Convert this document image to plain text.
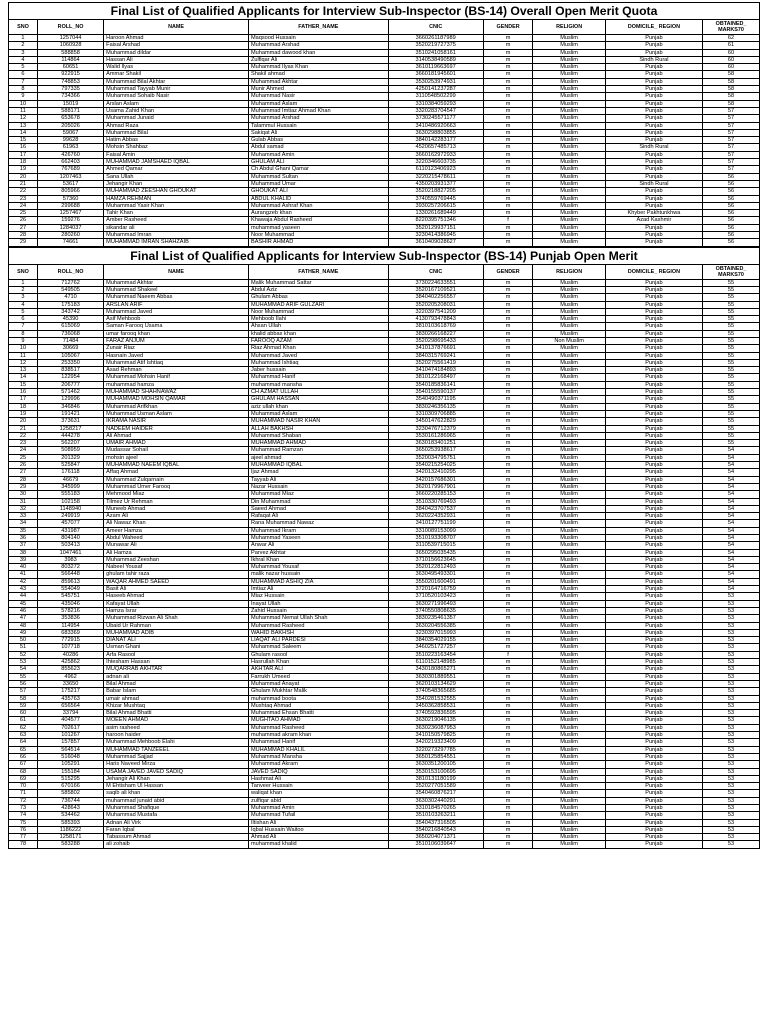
Final List of Qualified Applicants for Interview Sub-Inspector (BS-14) Overall Open Merit Quota
SNO	ROLL_NO	NAME	FATHER_NAME	CNIC	GENDER	RELIGION	DOMICILE_ REGION	OBTAINED_ MARKS70
1	1257044	Haroon Ahmad	Maqsood Hussain	3660261187989	m	Muslim	Punjab	62
2	1060928	Faisal Arshad	Muhammad Arshad	3520219727375	m	Muslim	Punjab	61
3	588858	Muhammad dildar	Muhammad dawood khan	3510241058161	m	Muslim	Punjab	60
4	114864	Hassan Ali	Zulfiqar Ali	3140538490589	m	Muslim	Sindh Rural	60
5	60651	Walid Ilyas	Muhammad Ilyas Khan	3610119663697	m	Muslim	Punjab	60
6	922915	Ammar Shakil	Shakil ahmad	3660181945601	m	Muslim	Punjab	58
7	748853	Muhammad Bilal Akhtar	Muhammad Akhtar	3530253974931	m	Muslim	Punjab	58
8	797335	Muhammad Tayyab Munir	Munir Ahmed	4250141237287	m	Muslim	Punjab	58
9	734366	Muhammad Sohaib Nasir	Muhammad Nasir	3110548502299	m	Muslim	Punjab	58
10	15019	Arslan Aslam	Muhammad Aslam	3310384059293	m	Muslim	Punjab	58
11	588171	Usama Zahid Khan	Muhammad Imtiaz Ahmad Khan	3320283704547	m	Muslim	Punjab	57
12	653678	Muhammad Junaid	Muhammad Arshad	3730245571177	m	Muslim	Punjab	57
13	205026	Ahmad Raza	Talammul Hussain	3410486920663	m	Muslim	Punjab	57
14	59067	Muhammad Bilal	Sakiqat Ali	3630298803855	m	Muslim	Punjab	57
15	99628	Hatim Abbas	Gulab Abbas	3840142283177	m	Muslim	Punjab	57
16	61963	Mohsin Shahbaz	Abdul samad	4520657485713	m	Muslim	Sindh Rural	57
17	426760	Faisal Amin	Muhammad Amin	3660162972933	m	Muslim	Punjab	57
18	662403	MUHAMMAD JAMSHAED IQBAL	GHULAM ALI	3220346603735	m	Muslim	Punjab	57
19	767689	Ahmed Qamar	Ch Abdul Ghani Qamar	6110123406923	m	Muslim	Punjab	57
20	1207463	Sana Ullah	Muhammad Sultan	3220215478611	m	Muslim	Punjab	56
21	53617	Jehangir Khan	Muhammad Umar	4350203931377	m	Muslim	Sindh Rural	56
22	805966	MUHAMMAD ZEESHAN GHOUKAT	GHOUKAT ALI	3520218827205	m	Muslim	Punjab	56
23	57360	HAMZA REHMAN	ABDUL KHALID	3740559769445	m	Muslim	Punjab	56
24	299688	Muhammad Yasir Khan	Muhammad Ashraf Khan	3930257206615	m	Muslim	Punjab	56
25	1257467	Tahir Khan	Aurangzeb khan	1330261689449	m	Muslim	Khyber Pakhtunkhwa	56
26	159276	Amber Rasheed	Khawaja Abdul Rasheed	8220395751346	f	Muslim	Azad Kashmir	56
27	1284037	sikandar ali	muhammad yaseen	3520129937151	m	Muslim	Punjab	56
28	280260	Muhammad Imran	Noor Muhammad	3230414386945	m	Muslim	Punjab	56
29	74661	MUHAMMAD IMRAN SHAHZAIB	BASHIR AHMAD	3610409028627	m	Muslim	Punjab	56
Final List of Qualified Applicants for Interview Sub-Inspector (BS-14) Punjab Open Merit
SNO	ROLL_NO	NAME	FATHER_NAME	CNIC	GENDER	RELIGION	DOMICILE_ REGION	OBTAINED_ MARKS70
1	712762	Muhammad Akhtar	Malik Muhammad Sattar	3730224633551	m	Muslim	Punjab	55
2	549505	Muhammad Shakeel	Abdul Aziz	3520167109521	m	Muslim	Punjab	55
3	4710	Muhammad Naeem Abbas	Ghulam Abbas	3840402256557	m	Muslim	Punjab	55
4	175183	ARSLAN ARIF	MUHAMMAD ARIF GULZARI	3520205208031	m	Muslim	Punjab	55
5	343742	Muhammad Javed	Noor Muhammad	3220397541209	m	Muslim	Punjab	55
6	45390	Asif Mehboob	Mehboob Ilahi	4130793478843	m	Muslim	Punjab	55
7	615069	Saman Farooq Usama	Ahsan Ullah	3810103618769	m	Muslim	Punjab	55
8	736068	umar farooq khan	khalid abbas khan	3830266168227	m	Muslim	Punjab	55
9	71484	FARAZ ANJUM	FAROOQ AZAM	3520298695433	m	Non Muslim	Punjab	55
10	30669	Zunair Riaz	Riaz Ahmad Khan	3410137876691	m	Muslim	Punjab	55
11	105067	Hasnain Javed	Muhammad Javed	3840315769241	m	Muslim	Punjab	55
12	253350	Muhammad Atif Ishtiaq	Muhammad Ishtiaq	3520275561419	m	Muslim	Punjab	55
13	838517	Asad Rehman	Jaber hussain	3410474184893	m	Muslim	Punjab	55
14	122954	Muhammad Mohsin Hanif	Muhammad Hanif	3810122168497	m	Muslim	Punjab	55
15	206777	muhammad hamza	muhammad mansha	3540185836141	m	Muslim	Punjab	55
16	571462	MUHAMMAD SHAHNAWAZ	CH AZMAT ULLAH	3540155590137	m	Muslim	Punjab	55
17	129996	MUHAMMAD MOHSIN QAMAR	GHULAM HASSAN	3540490371195	m	Muslim	Punjab	55
18	346846	Muhammad Arifkhan	aziz ullah khan	3830246356135	m	Muslim	Punjab	55
19	191421	Muhammad Usman Aslam	Muhammad Aslam	3310309706885	m	Muslim	Punjab	55
20	373631	IKRAMA NASIR	MUHAMMAD NASIR KHAN	3450147622829	m	Muslim	Punjab	55
21	1258217	NADEEM HAIDER	ALLAH BAKHSH	3230476712379	m	Muslim	Punjab	55
22	444278	Ali Ahmad	Muhammad Shaban	3530161286965	m	Muslim	Punjab	55
23	562207	UMAIR AHMAD	MUHAMMAD AHMAD	3630183401251	m	Muslim	Punjab	55
24	508959	Mudassar Sohail	Muhammad Ramzan	3650253938617	m	Muslim	Punjab	54
25	201329	mohsin ajeel	ajeel ahmad	3520034795751	m	Muslim	Punjab	54
26	525847	MUHAMMAD NAEEM IQBAL	MUHAMMAD IQBAL	3540215254025	m	Muslim	Punjab	54
27	176118	Affaq Ahmad	Ijaz Ahmad	3420132410295	m	Muslim	Punjab	54
28	46679	Muhammad Zulqarnain	Tayyab Ali	3420157686301	m	Muslim	Punjab	54
29	345999	Muhammad Umer Farooq	Nazar Hussain	3620179967901	m	Muslim	Punjab	54
30	555183	Mehmood Miaz	Muhammad Miaz	3660220285153	m	Muslim	Punjab	54
31	102158	Tilmez Ur Rehman	Din Muhammad	3510330769493	m	Muslim	Punjab	54
32	1148940	Muneeb Ahmad	Saeed Ahmad	3840423707537	m	Muslim	Punjab	54
33	249919	Azam Ali	Rafaqat Ali	3620224352931	m	Muslim	Punjab	54
34	457077	Ali Nawaz Khan	Rana Muhammad Nawaz	3410127751199	m	Muslim	Punjab	54
35	431987	Ameer Hamza	Muhammad Ikram	3310089153099	m	Muslim	Punjab	54
36	804140	Abdul Waheed	Muhammad Yaseen	3510193308707	m	Muslim	Punjab	54
37	503413	Munawar Ali	Anwar Ali	3110539715015	m	Muslim	Punjab	54
38	1047461	Ali Hamza	Parvez Akhtar	3650295035435	m	Muslim	Punjab	54
39	3983	Muhammad Zeeshan	Ikhral Khan	3710156623645	m	Muslim	Punjab	54
40	803272	Nabeel Yousaf	Muhammad Yousaf	3520122812493	m	Muslim	Punjab	54
41	566448	ghulam tahir raza	malik nazar hussain	3630495493301	m	Muslim	Punjab	54
42	859613	WAQAR AHMED SAEED	MUHAMMAD ASHIQ ZIA	3550201600491	m	Muslim	Punjab	54
43	554049	Basit Ali	Imtiaz Ali	3720164716759	m	Muslim	Punjab	54
44	545751	Haseeb Ahmad	Miaz Hussain	3710520103423	m	Muslim	Punjab	53
45	435046	Kafayat Ullah	Inayat Ullah	3630271996493	m	Muslim	Punjab	53
46	578216	Hamza Israr	Zahid Hussain	3740550808635	m	Muslim	Punjab	53
47	353836	Muhammad Rizwan Ali Shah	Muhammad Nemat Ullah Shah	3830235461357	m	Muslim	Punjab	53
48	114954	Ubaid Ur Rahman	Muhammad Rasheed	3630204556385	m	Muslim	Punjab	53
49	683369	MUHAMMAD ADIB	WAHID BAKHSH	3230397015993	m	Muslim	Punjab	53
50	772915	DIANAT ALI	LIAQAT ALI PARDESI	3840354029155	m	Muslim	Punjab	53
51	107718	Usman Ghani	Muhammad Saleem	3460251727257	m	Muslim	Punjab	53
52	40286	Arfa Rasool	Ghulam rasool	3510223163454	f	Muslim	Punjab	53
53	425862	Ihtesham Hassan	Hasrullah Khan	6110152148985	m	Muslim	Punjab	53
54	855623	MUQARRAB AKHTAR	AKHTAR ALI	3430180865271	m	Muslim	Punjab	53
55	4962	adnan ali	Farrukh Umeed	3630301889551	m	Muslim	Punjab	53
56	33650	Bilal Ahmad	Muhammad Anayat	3620103134629	m	Muslim	Punjab	53
57	175217	Babar Islam	Ghulam Mukhtar Malik	3740548365685	m	Muslim	Punjab	53
58	435763	umair ahmad	muhammad boota	3540281532555	m	Muslim	Punjab	53
59	656564	Khizar Mushtaq	Mushtaq Ahmad	3450362858531	m	Muslim	Punjab	53
60	33794	Bilal Ahmad Bhatti	Muhammad Ehsan Bhatti	3740592836595	m	Muslim	Punjab	53
61	404577	MOEEN AHMAD	MUGHTAO AHMAD	3630219046135	m	Muslim	Punjab	53
62	702617	asim rasheed	Muhammad Rasheed	3630236087953	m	Muslim	Punjab	53
63	101267	haroon haider	muhammad akram khan	3410150579825	m	Muslim	Punjab	53
64	157857	Muhammad Mehboob Elahi	Muhammad Hanif	3420219323409	m	Muslim	Punjab	53
65	564514	MUHAMMAD TANZEEEL	MUHAMMAD KHALIL	3220273297785	m	Muslim	Punjab	53
66	516048	Muhammad Sajjad	Muhammad Mansha	3650125854551	m	Muslim	Punjab	53
67	105291	Haris Naveed Mirza	Muhammad Akram	3630351200105	m	Muslim	Punjab	53
68	155184	USAMA JAVED JAVED SADIQ	JAVED SADIQ	3530153100695	m	Muslim	Punjab	53
69	515295	Jehangir Ali Khan	Hashmat Ali	3810131180199	m	Muslim	Punjab	53
70	670166	M Ehtisham Ul Hassan	Tanveer Hussain	3520277051589	m	Muslim	Punjab	53
71	585802	saqib ali khan	waliqat khan	3540460876217	m	Muslim	Punjab	53
72	736744	muhammad junaid abid	zulfiqar abid	3630302440291	m	Muslim	Punjab	53
73	428643	Muhammad Shafique	Muhammad Amin	3310184570265	m	Muslim	Punjab	53
74	534462	Muhammad Mustafa	Muhammad Tufail	3510103263211	m	Muslim	Punjab	53
75	585393	Adnan Ali Virk	Iltishan Ali	3540437316505	m	Muslim	Punjab	53
76	1186222	Faran Iqbal	Iqbal Hussain Waitoo	3540216840543	m	Muslim	Punjab	53
77	1258171	Tabassum Ahmad	Ahmad Ali	3650204071371	m	Muslim	Punjab	53
78	583288	ali zohaib	muhammad khalid	3510106039647	m	Muslim	Punjab	53
